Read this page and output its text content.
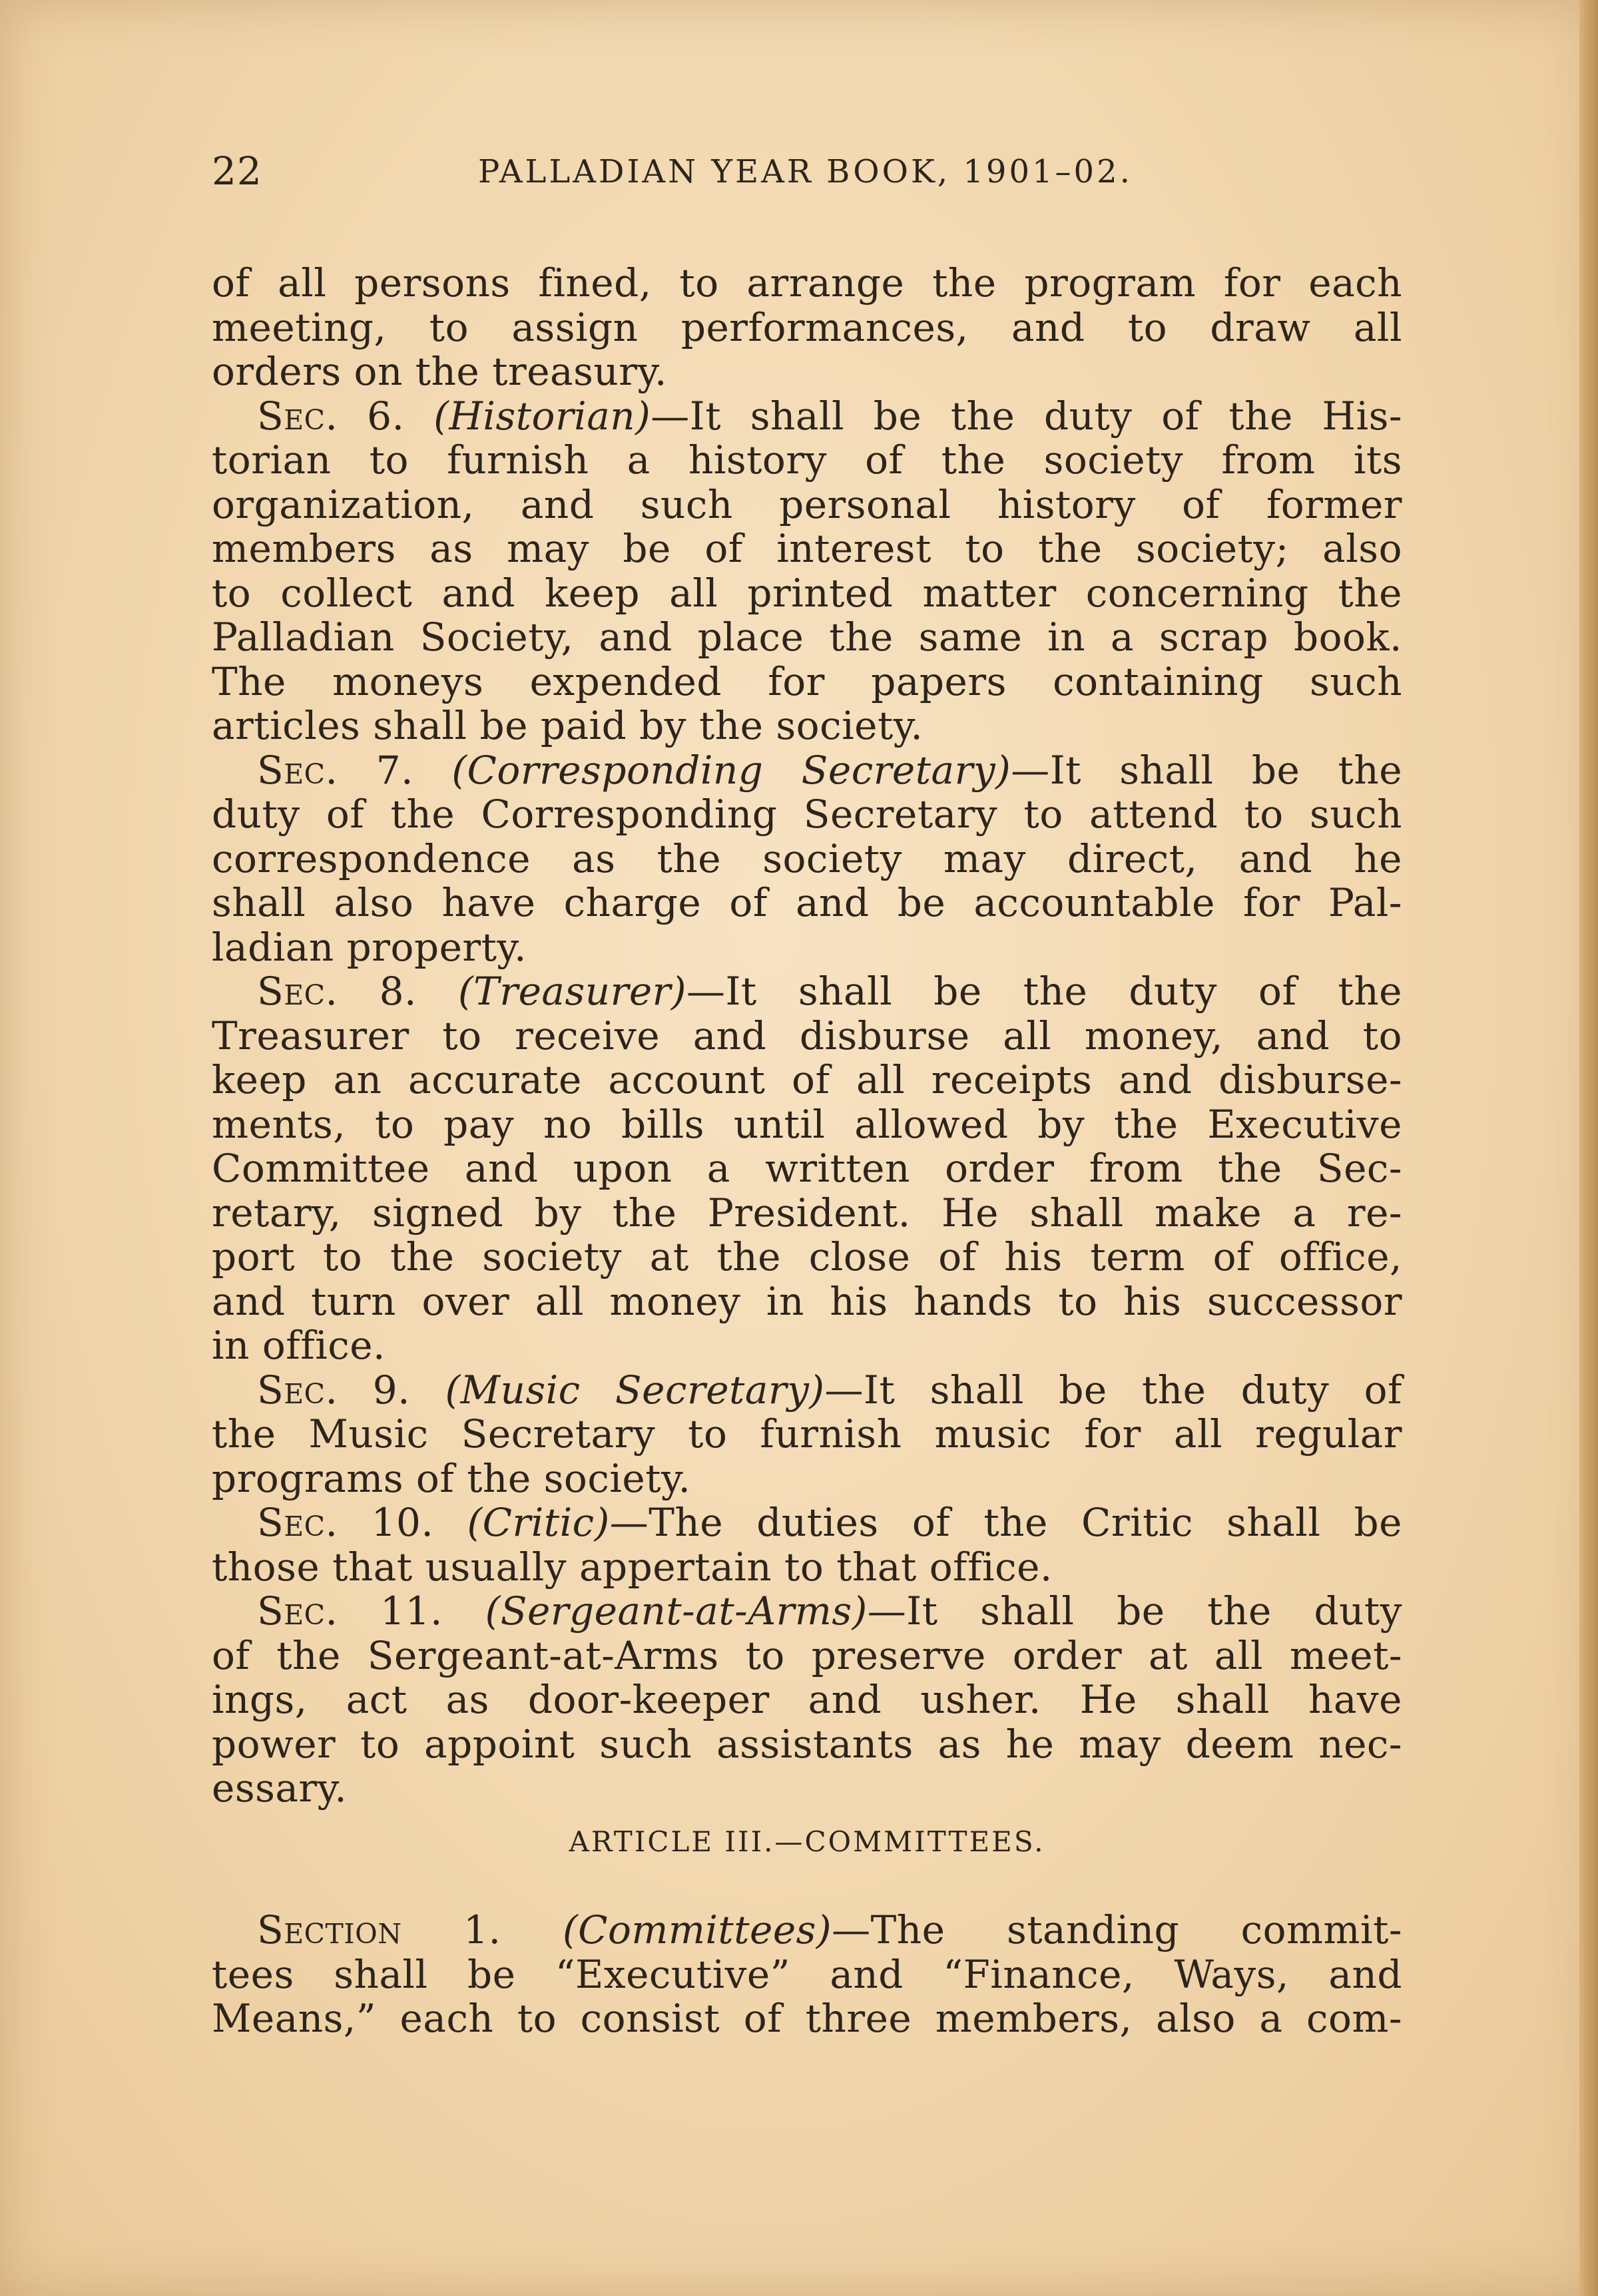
22	PALLADIAN YEAR BOOK, 1901–02.
of all persons fined, to arrange the program for each
meeting, to assign performances, and to draw all
orders on the treasury.
Sec. 6. (Historian)—It shall be the duty of the His-
torian to furnish a history of the society from its
organization, and such personal history of former
members as may be of interest to the society; also
to collect and keep all printed matter concerning the
Palladian Society, and place the same in a scrap book.
The moneys expended for papers containing such
articles shall be paid by the society.
Sec. 7. (Corresponding Secretary)—It shall be the
duty of the Corresponding Secretary to attend to such
correspondence as the society may direct, and he
shall also have charge of and be accountable for Pal-
ladian property.
Sec. 8. (Treasurer)—It shall be the duty of the
Treasurer to receive and disburse all money, and to
keep an accurate account of all receipts and disburse-
ments, to pay no bills until allowed by the Executive
Committee and upon a written order from the Sec-
retary, signed by the President. He shall make a re-
port to the society at the close of his term of office,
and turn over all money in his hands to his successor
in office.
Sec. 9. (Music Secretary)—It shall be the duty of
the Music Secretary to furnish music for all regular
programs of the society.
Sec. 10. (Critic)—The duties of the Critic shall be
those that usually appertain to that office.
Sec. 11. (Sergeant-at-Arms)—It shall be the duty
of the Sergeant-at-Arms to preserve order at all meet-
ings, act as door-keeper and usher. He shall have
power to appoint such assistants as he may deem nec-
essary.
ARTICLE III.—COMMITTEES.
Section 1. (Committees)—The standing commit-
tees shall be “Executive” and “Finance, Ways, and
Means,” each to consist of three members, also a com-
